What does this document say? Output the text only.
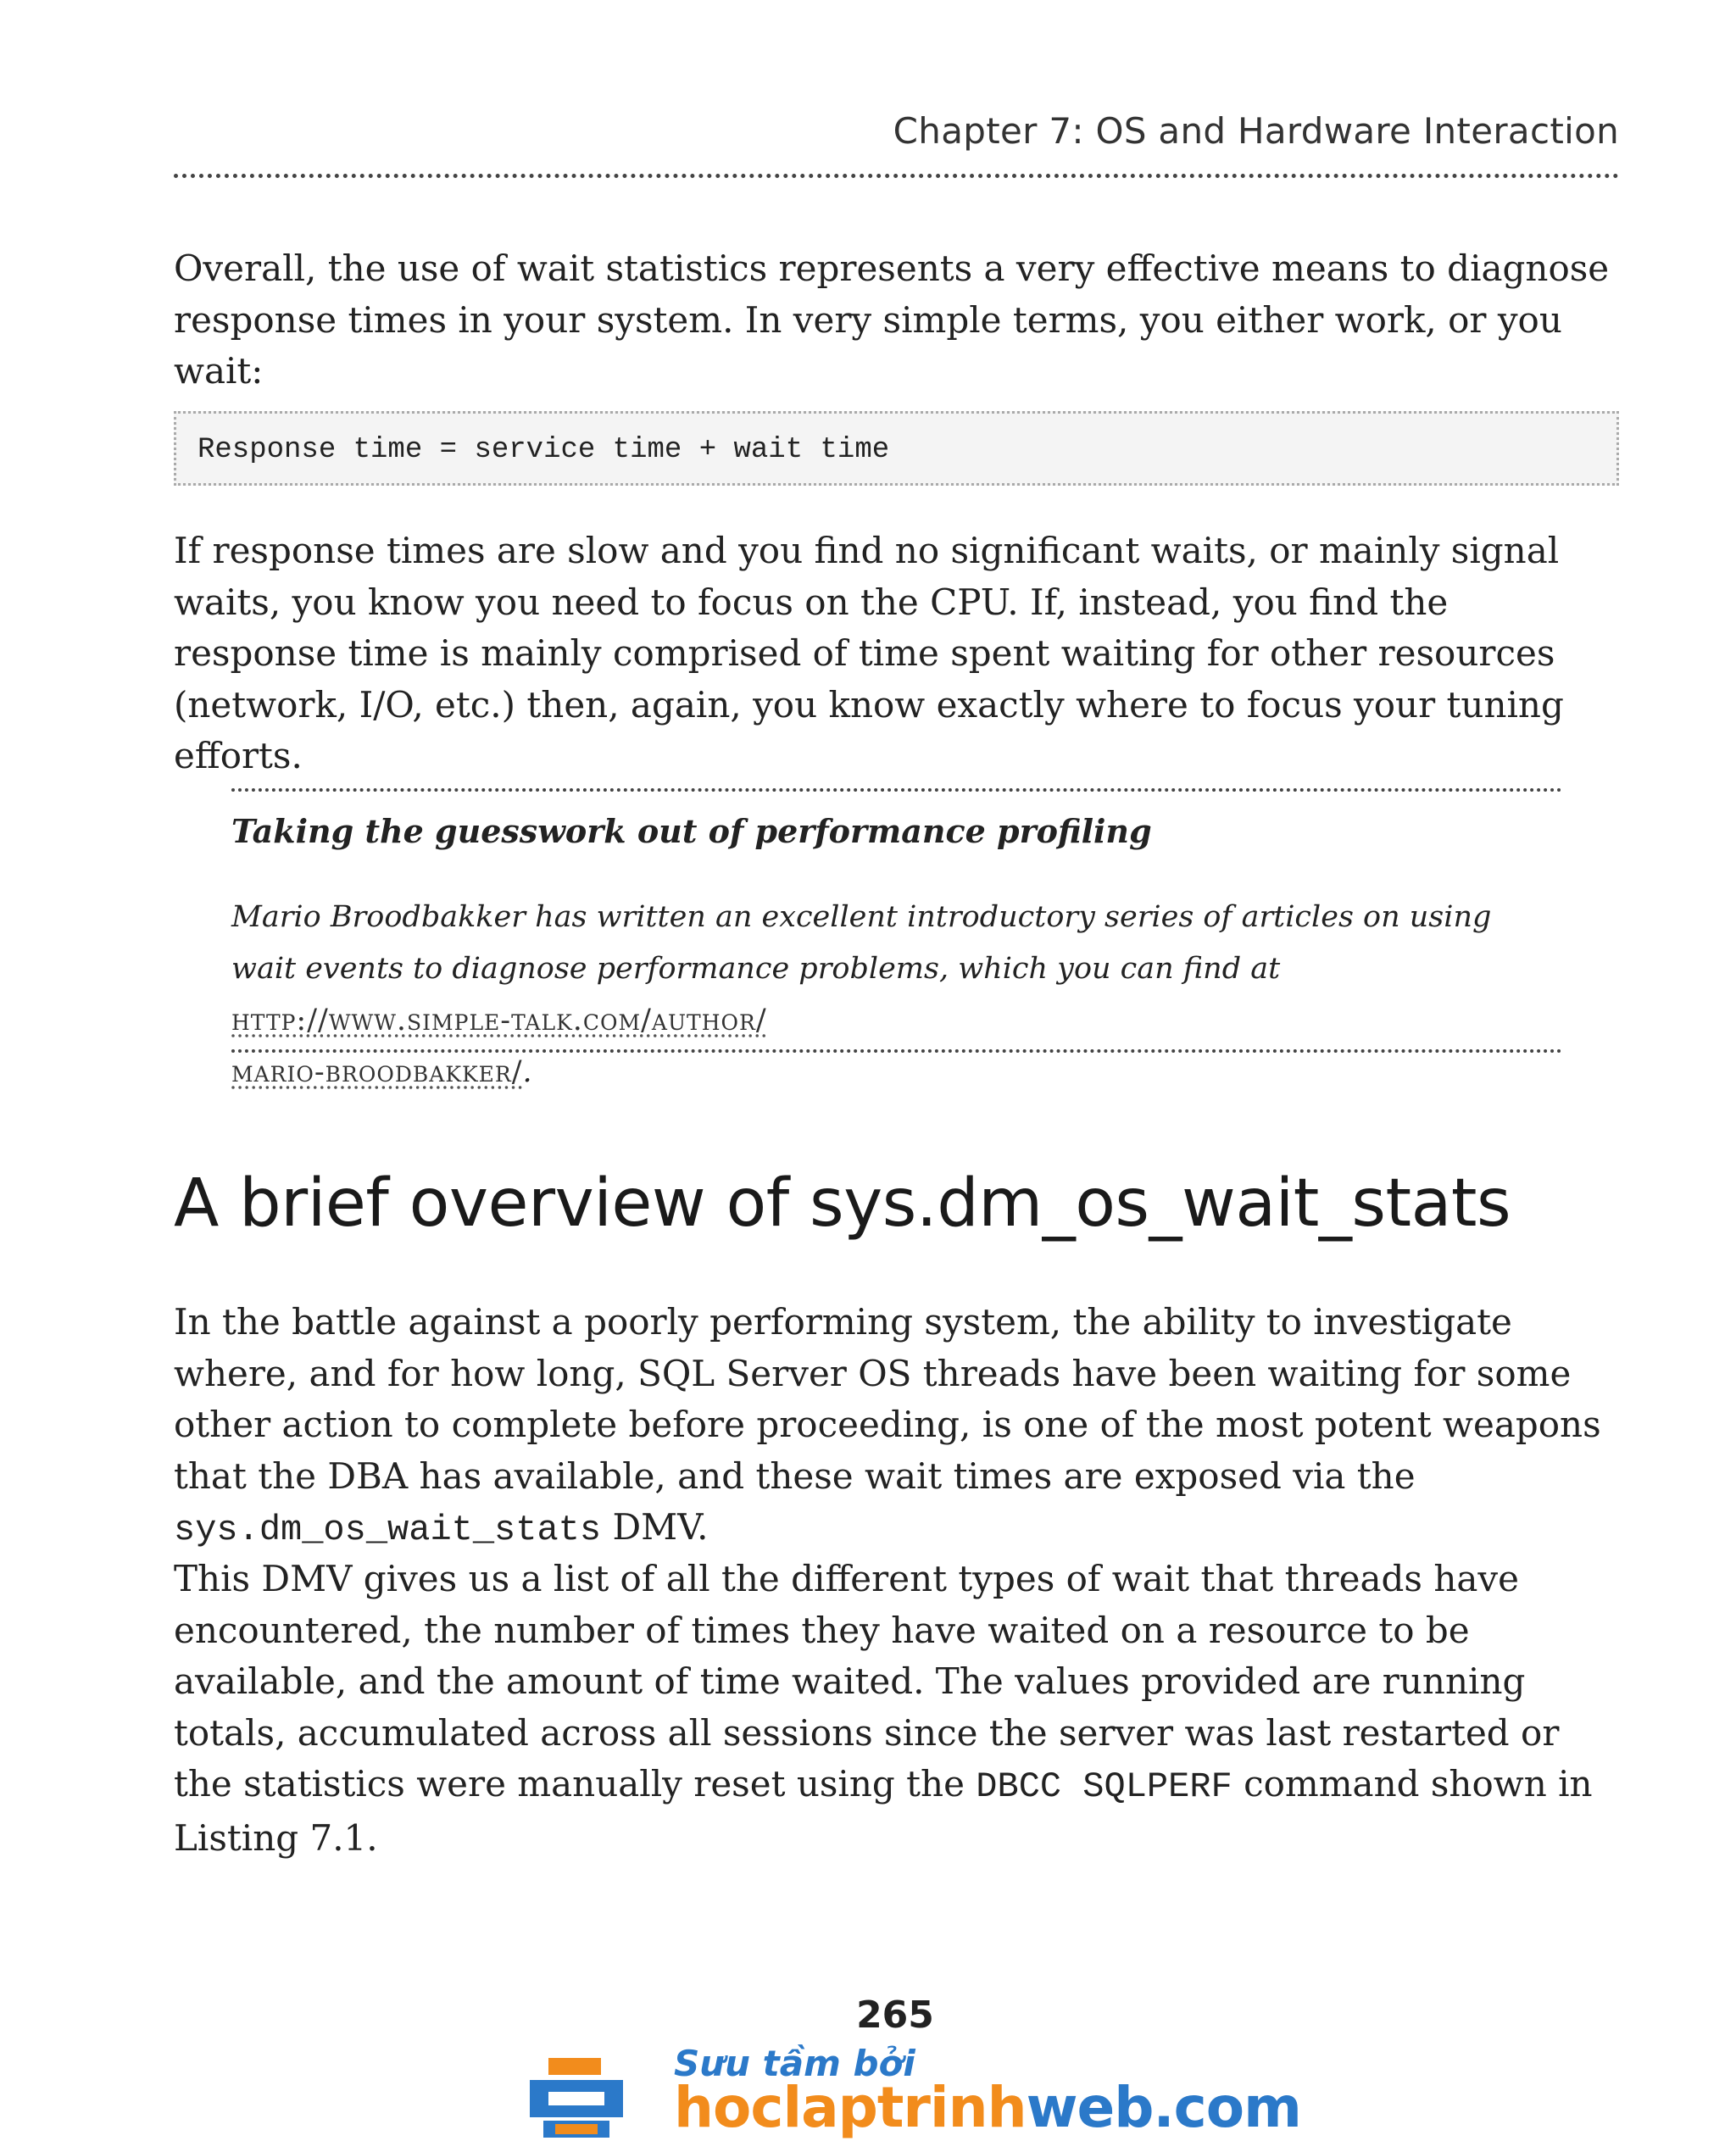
Chapter 7: OS and Hardware Interaction

Overall, the use of wait statistics represents a very effective means to diagnose response times in your system. In very simple terms, you either work, or you wait:

Response time = service time + wait time

If response times are slow and you find no significant waits, or mainly signal waits, you know you need to focus on the CPU. If, instead, you find the response time is mainly comprised of time spent waiting for other resources (network, I/O, etc.) then, again, you know exactly where to focus your tuning efforts.

Taking the guesswork out of performance profiling

Mario Broodbakker has written an excellent introductory series of articles on using wait events to diagnose performance problems, which you can find at http://www.simple-talk.com/author/
mario-broodbakker/.

A brief overview of sys.dm_os_wait_stats

In the battle against a poorly performing system, the ability to investigate where, and for how long, SQL Server OS threads have been waiting for some other action to complete before proceeding, is one of the most potent weapons that the DBA has available, and these wait times are exposed via the sys.dm_os_wait_stats DMV.

This DMV gives us a list of all the different types of wait that threads have encountered, the number of times they have waited on a resource to be available, and the amount of time waited. The values provided are running totals, accumulated across all sessions since the server was last restarted or the statistics were manually reset using the DBCC SQLPERF command shown in Listing 7.1.

265
Sưu tầm bởi
hoclaptrinhweb.com
